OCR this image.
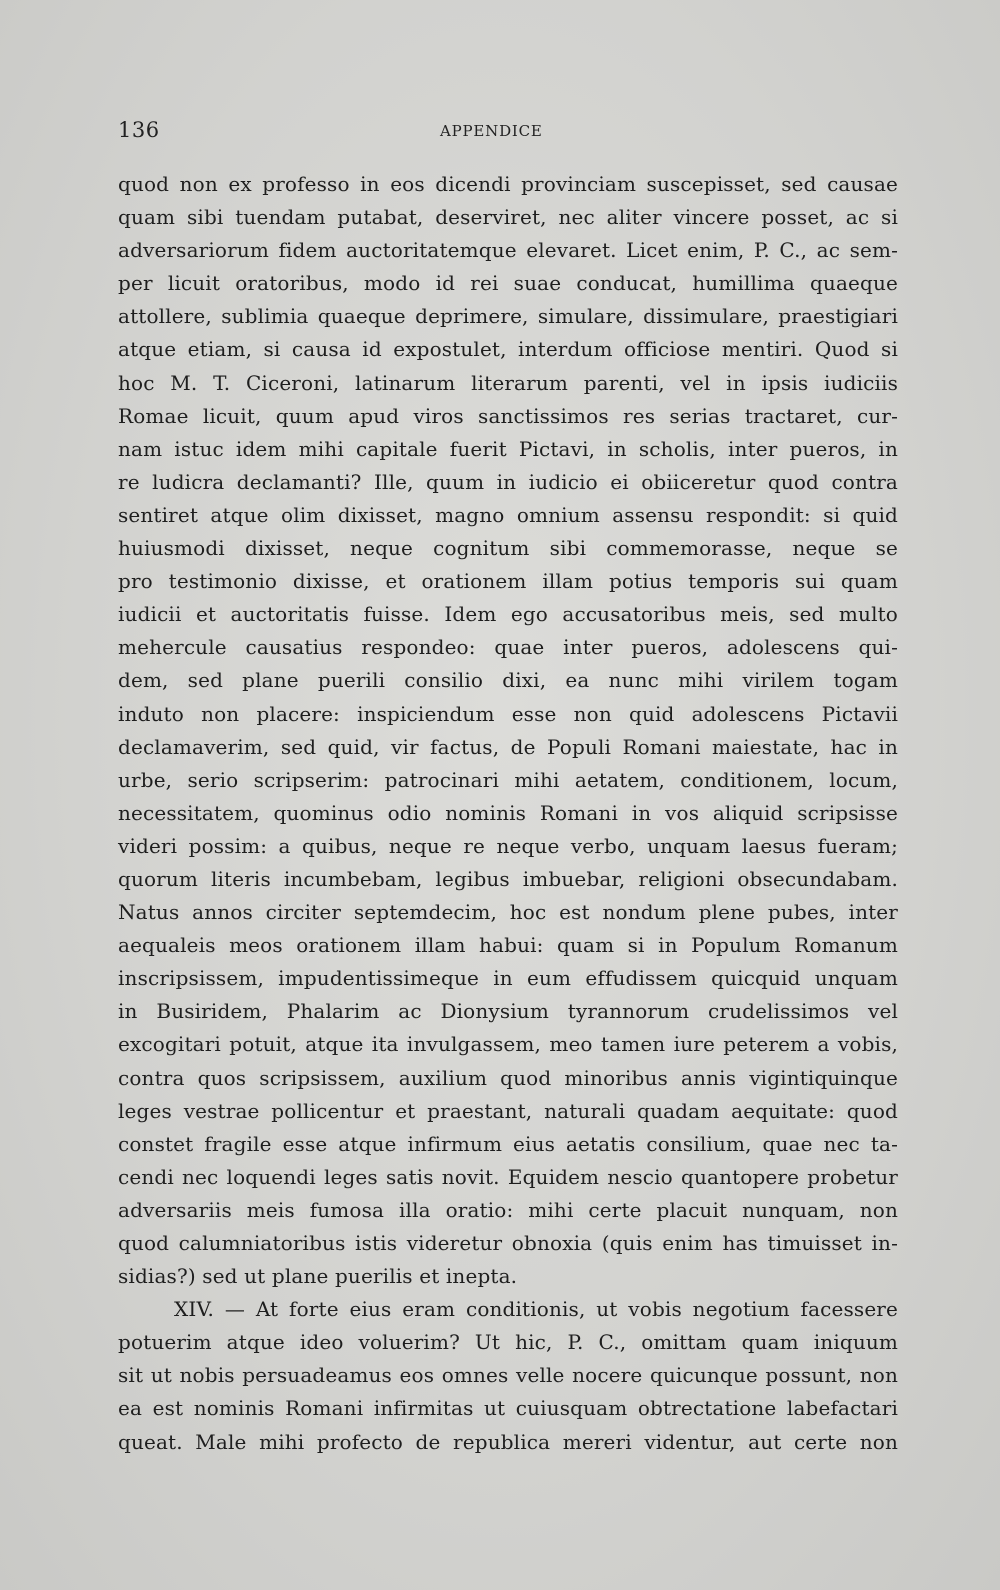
136	APPENDICE
quod non ex professo in eos dicendi provinciam suscepisset, sed causae
quam sibi tuendam putabat, deserviret, nec aliter vincere posset, ac si
adversariorum fidem auctoritatemque elevaret. Licet enim, P. C., ac sem-
per licuit oratoribus, modo id rei suae conducat, humillima quaeque
attollere, sublimia quaeque deprimere, simulare, dissimulare, praestigiari
atque etiam, si causa id expostulet, interdum officiose mentiri. Quod si
hoc M. T. Ciceroni, latinarum literarum parenti, vel in ipsis iudiciis
Romae licuit, quum apud viros sanctissimos res serias tractaret, cur-
nam istuc idem mihi capitale fuerit Pictavi, in scholis, inter pueros, in
re ludicra declamanti? Ille, quum in iudicio ei obiiceretur quod contra
sentiret atque olim dixisset, magno omnium assensu respondit: si quid
huiusmodi dixisset, neque cognitum sibi commemorasse, neque se
pro testimonio dixisse, et orationem illam potius temporis sui quam
iudicii et auctoritatis fuisse. Idem ego accusatoribus meis, sed multo
mehercule causatius respondeo: quae inter pueros, adolescens qui-
dem, sed plane puerili consilio dixi, ea nunc mihi virilem togam
induto non placere: inspiciendum esse non quid adolescens Pictavii
declamaverim, sed quid, vir factus, de Populi Romani maiestate, hac in
urbe, serio scripserim: patrocinari mihi aetatem, conditionem, locum,
necessitatem, quominus odio nominis Romani in vos aliquid scripsisse
videri possim: a quibus, neque re neque verbo, unquam laesus fueram;
quorum literis incumbebam, legibus imbuebar, religioni obsecundabam.
Natus annos circiter septemdecim, hoc est nondum plene pubes, inter
aequaleis meos orationem illam habui: quam si in Populum Romanum
inscripsissem, impudentissimeque in eum effudissem quicquid unquam
in Busiridem, Phalarim ac Dionysium tyrannorum crudelissimos vel
excogitari potuit, atque ita invulgassem, meo tamen iure peterem a vobis,
contra quos scripsissem, auxilium quod minoribus annis vigintiquinque
leges vestrae pollicentur et praestant, naturali quadam aequitate: quod
constet fragile esse atque infirmum eius aetatis consilium, quae nec ta-
cendi nec loquendi leges satis novit. Equidem nescio quantopere probetur
adversariis meis fumosa illa oratio: mihi certe placuit nunquam, non
quod calumniatoribus istis videretur obnoxia (quis enim has timuisset in-
sidias?) sed ut plane puerilis et inepta.
XIV. — At forte eius eram conditionis, ut vobis negotium facessere
potuerim atque ideo voluerim? Ut hic, P. C., omittam quam iniquum
sit ut nobis persuadeamus eos omnes velle nocere quicunque possunt, non
ea est nominis Romani infirmitas ut cuiusquam obtrectatione labefactari
queat. Male mihi profecto de republica mereri videntur, aut certe non
